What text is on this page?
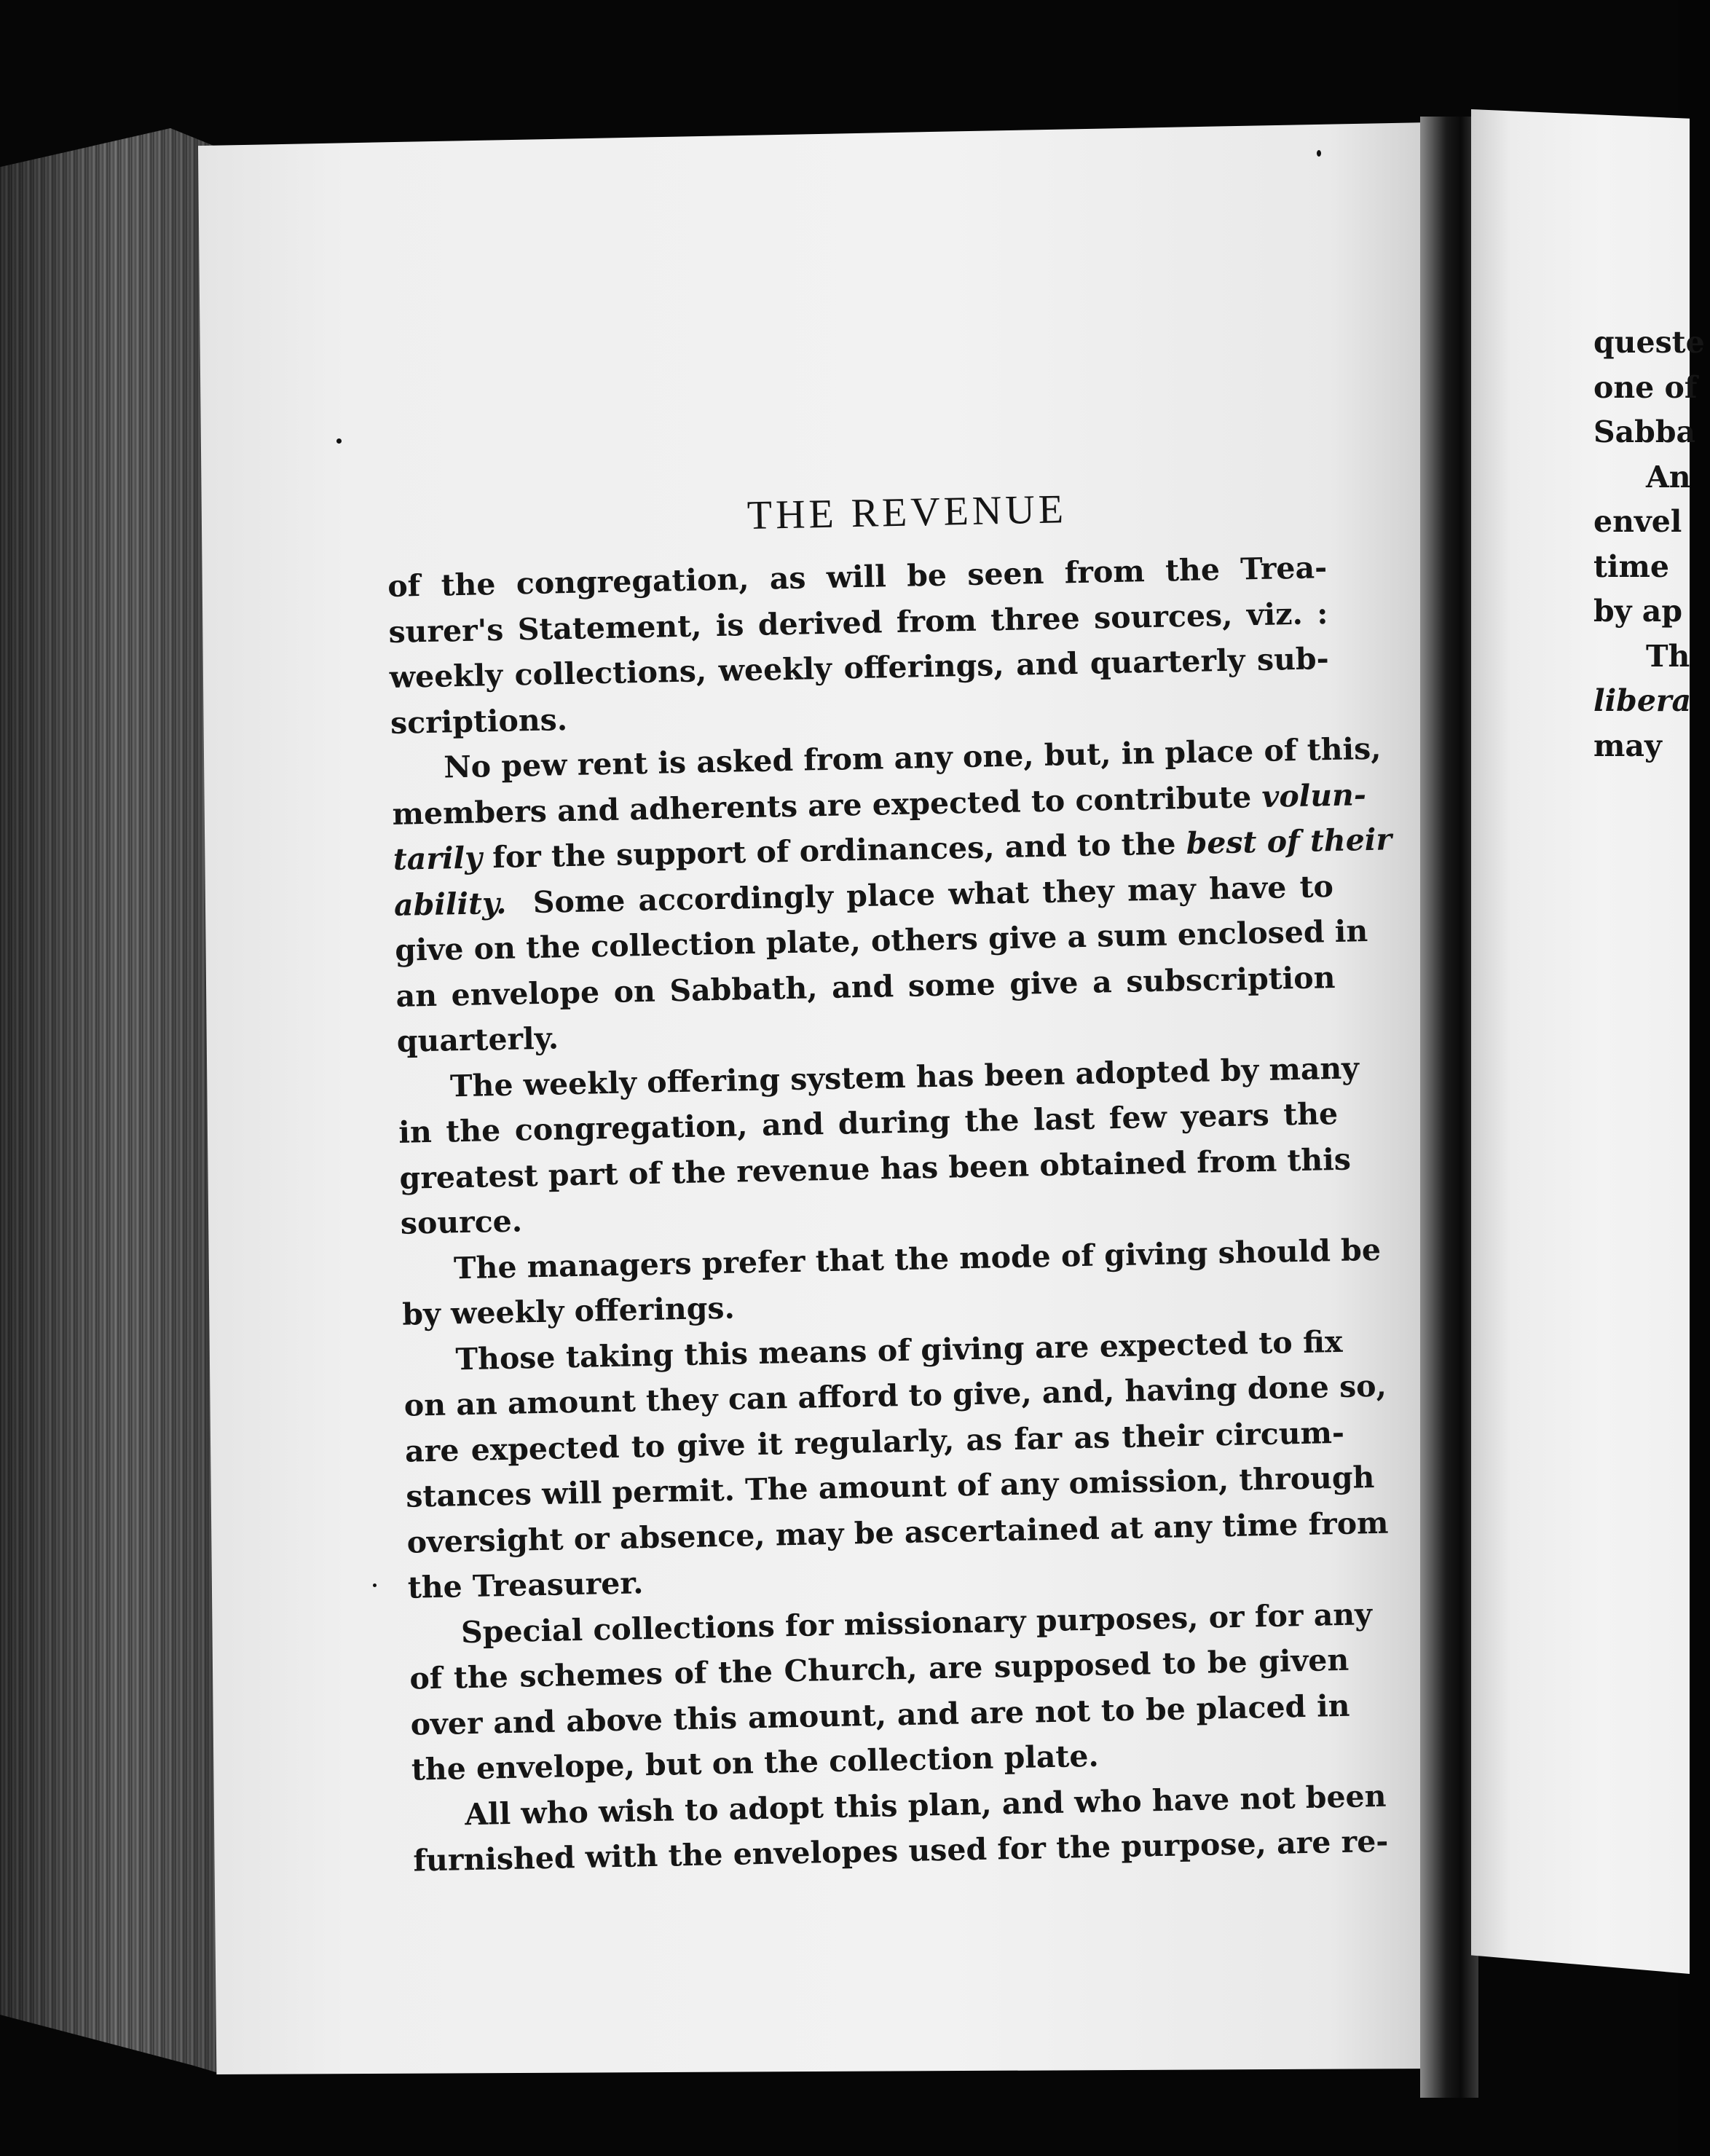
THE REVENUE

of the congregation, as will be seen from the Trea-
surer's Statement, is derived from three sources, viz. :
weekly collections, weekly offerings, and quarterly sub-
scriptions.

No pew rent is asked from any one, but, in place of this,
members and adherents are expected to contribute volun-
tarily for the support of ordinances, and to the best of their
ability. Some accordingly place what they may have to
give on the collection plate, others give a sum enclosed in
an envelope on Sabbath, and some give a subscription
quarterly.

The weekly offering system has been adopted by many
in the congregation, and during the last few years the
greatest part of the revenue has been obtained from this
source.

The managers prefer that the mode of giving should be
by weekly offerings.

Those taking this means of giving are expected to fix
on an amount they can afford to give, and, having done so,
are expected to give it regularly, as far as their circum-
stances will permit. The amount of any omission, through
oversight or absence, may be ascertained at any time from
the Treasurer.

Special collections for missionary purposes, or for any
of the schemes of the Church, are supposed to be given
over and above this amount, and are not to be placed in
the envelope, but on the collection plate.

All who wish to adopt this plan, and who have not been
furnished with the envelopes used for the purpose, are re-

queste
one of
Sabba
An
envel
time
by ap
Th
libera
may
